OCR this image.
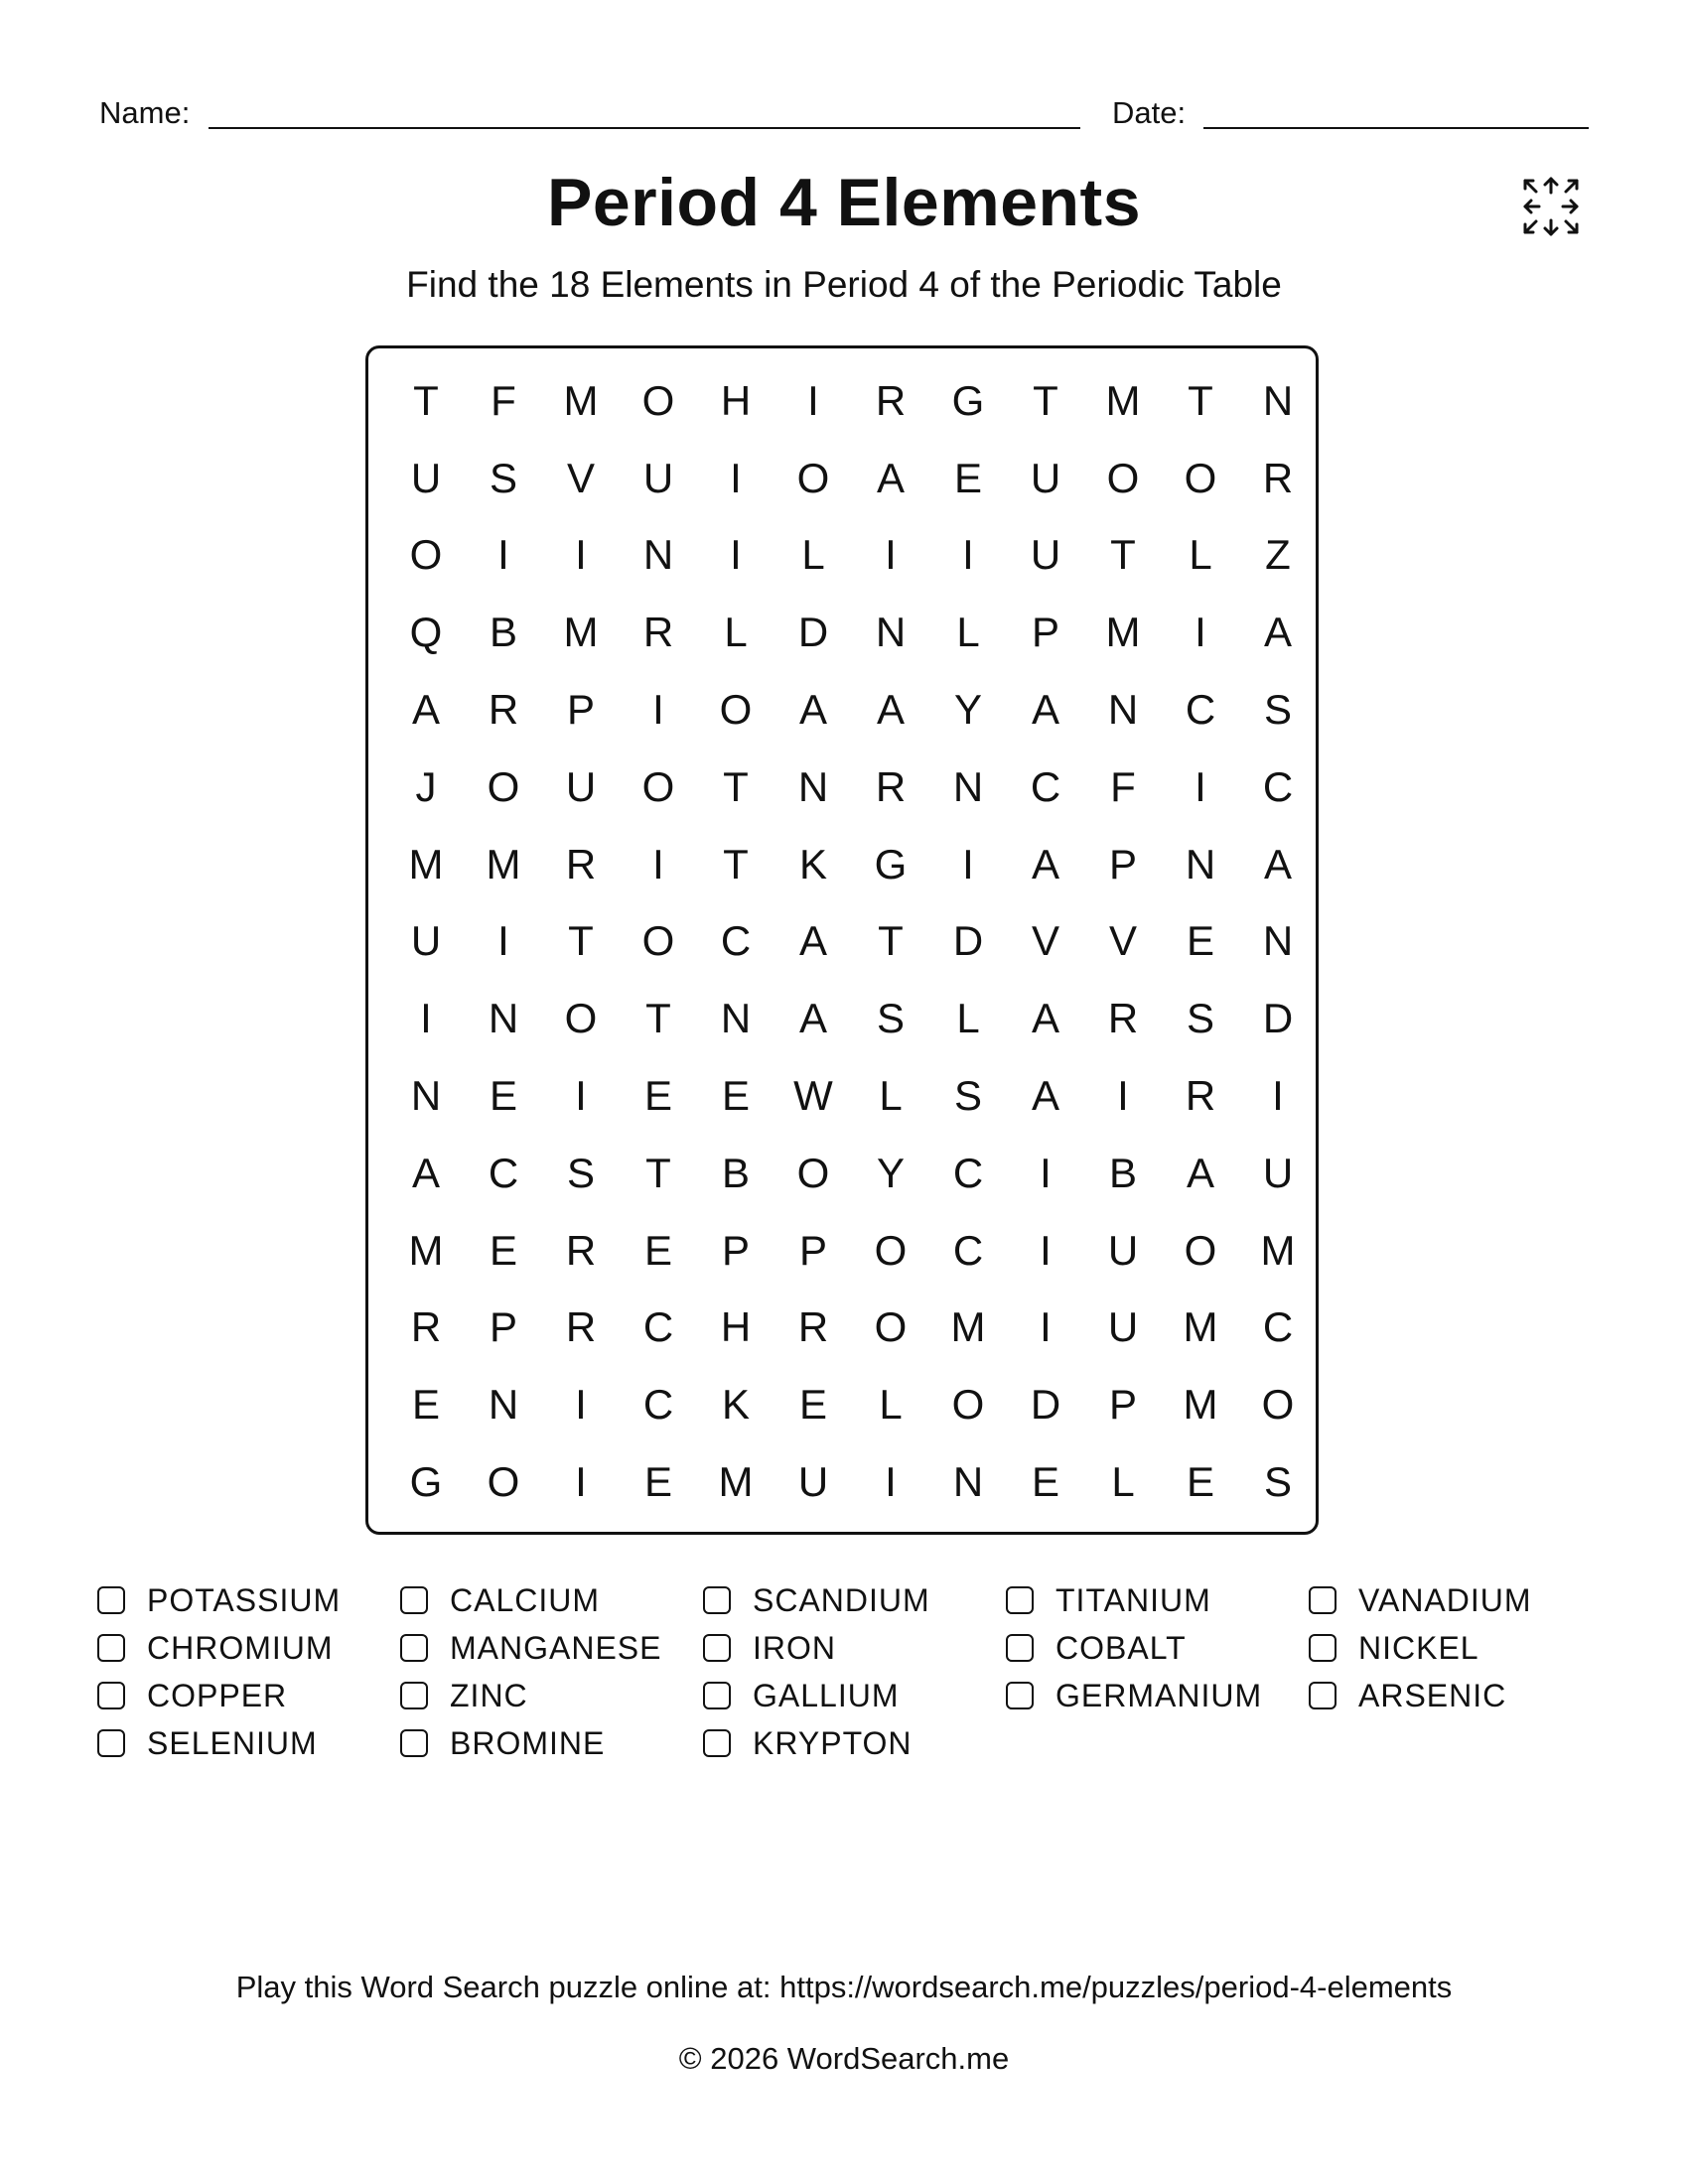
Name:	Date:
Period 4 Elements
Find the 18 Elements in Period 4 of the Periodic Table
T	F	M	O	H	I	R	G	T	M	T	N
U	S	V	U	I	O	A	E	U	O	O	R
O	I	I	N	I	L	I	I	U	T	L	Z
Q	B	M	R	L	D	N	L	P	M	I	A
A	R	P	I	O	A	A	Y	A	N	C	S
J	O	U	O	T	N	R	N	C	F	I	C
M	M	R	I	T	K	G	I	A	P	N	A
U	I	T	O	C	A	T	D	V	V	E	N
I	N	O	T	N	A	S	L	A	R	S	D
N	E	I	E	E	W	L	S	A	I	R	I
A	C	S	T	B	O	Y	C	I	B	A	U
M	E	R	E	P	P	O	C	I	U	O	M
R	P	R	C	H	R	O	M	I	U	M	C
E	N	I	C	K	E	L	O	D	P	M	O
G	O	I	E	M	U	I	N	E	L	E	S
POTASSIUM	CALCIUM	SCANDIUM	TITANIUM	VANADIUM
CHROMIUM	MANGANESE	IRON	COBALT	NICKEL
COPPER	ZINC	GALLIUM	GERMANIUM	ARSENIC
SELENIUM	BROMINE	KRYPTON
Play this Word Search puzzle online at: https://wordsearch.me/puzzles/period-4-elements
© 2026 WordSearch.me
